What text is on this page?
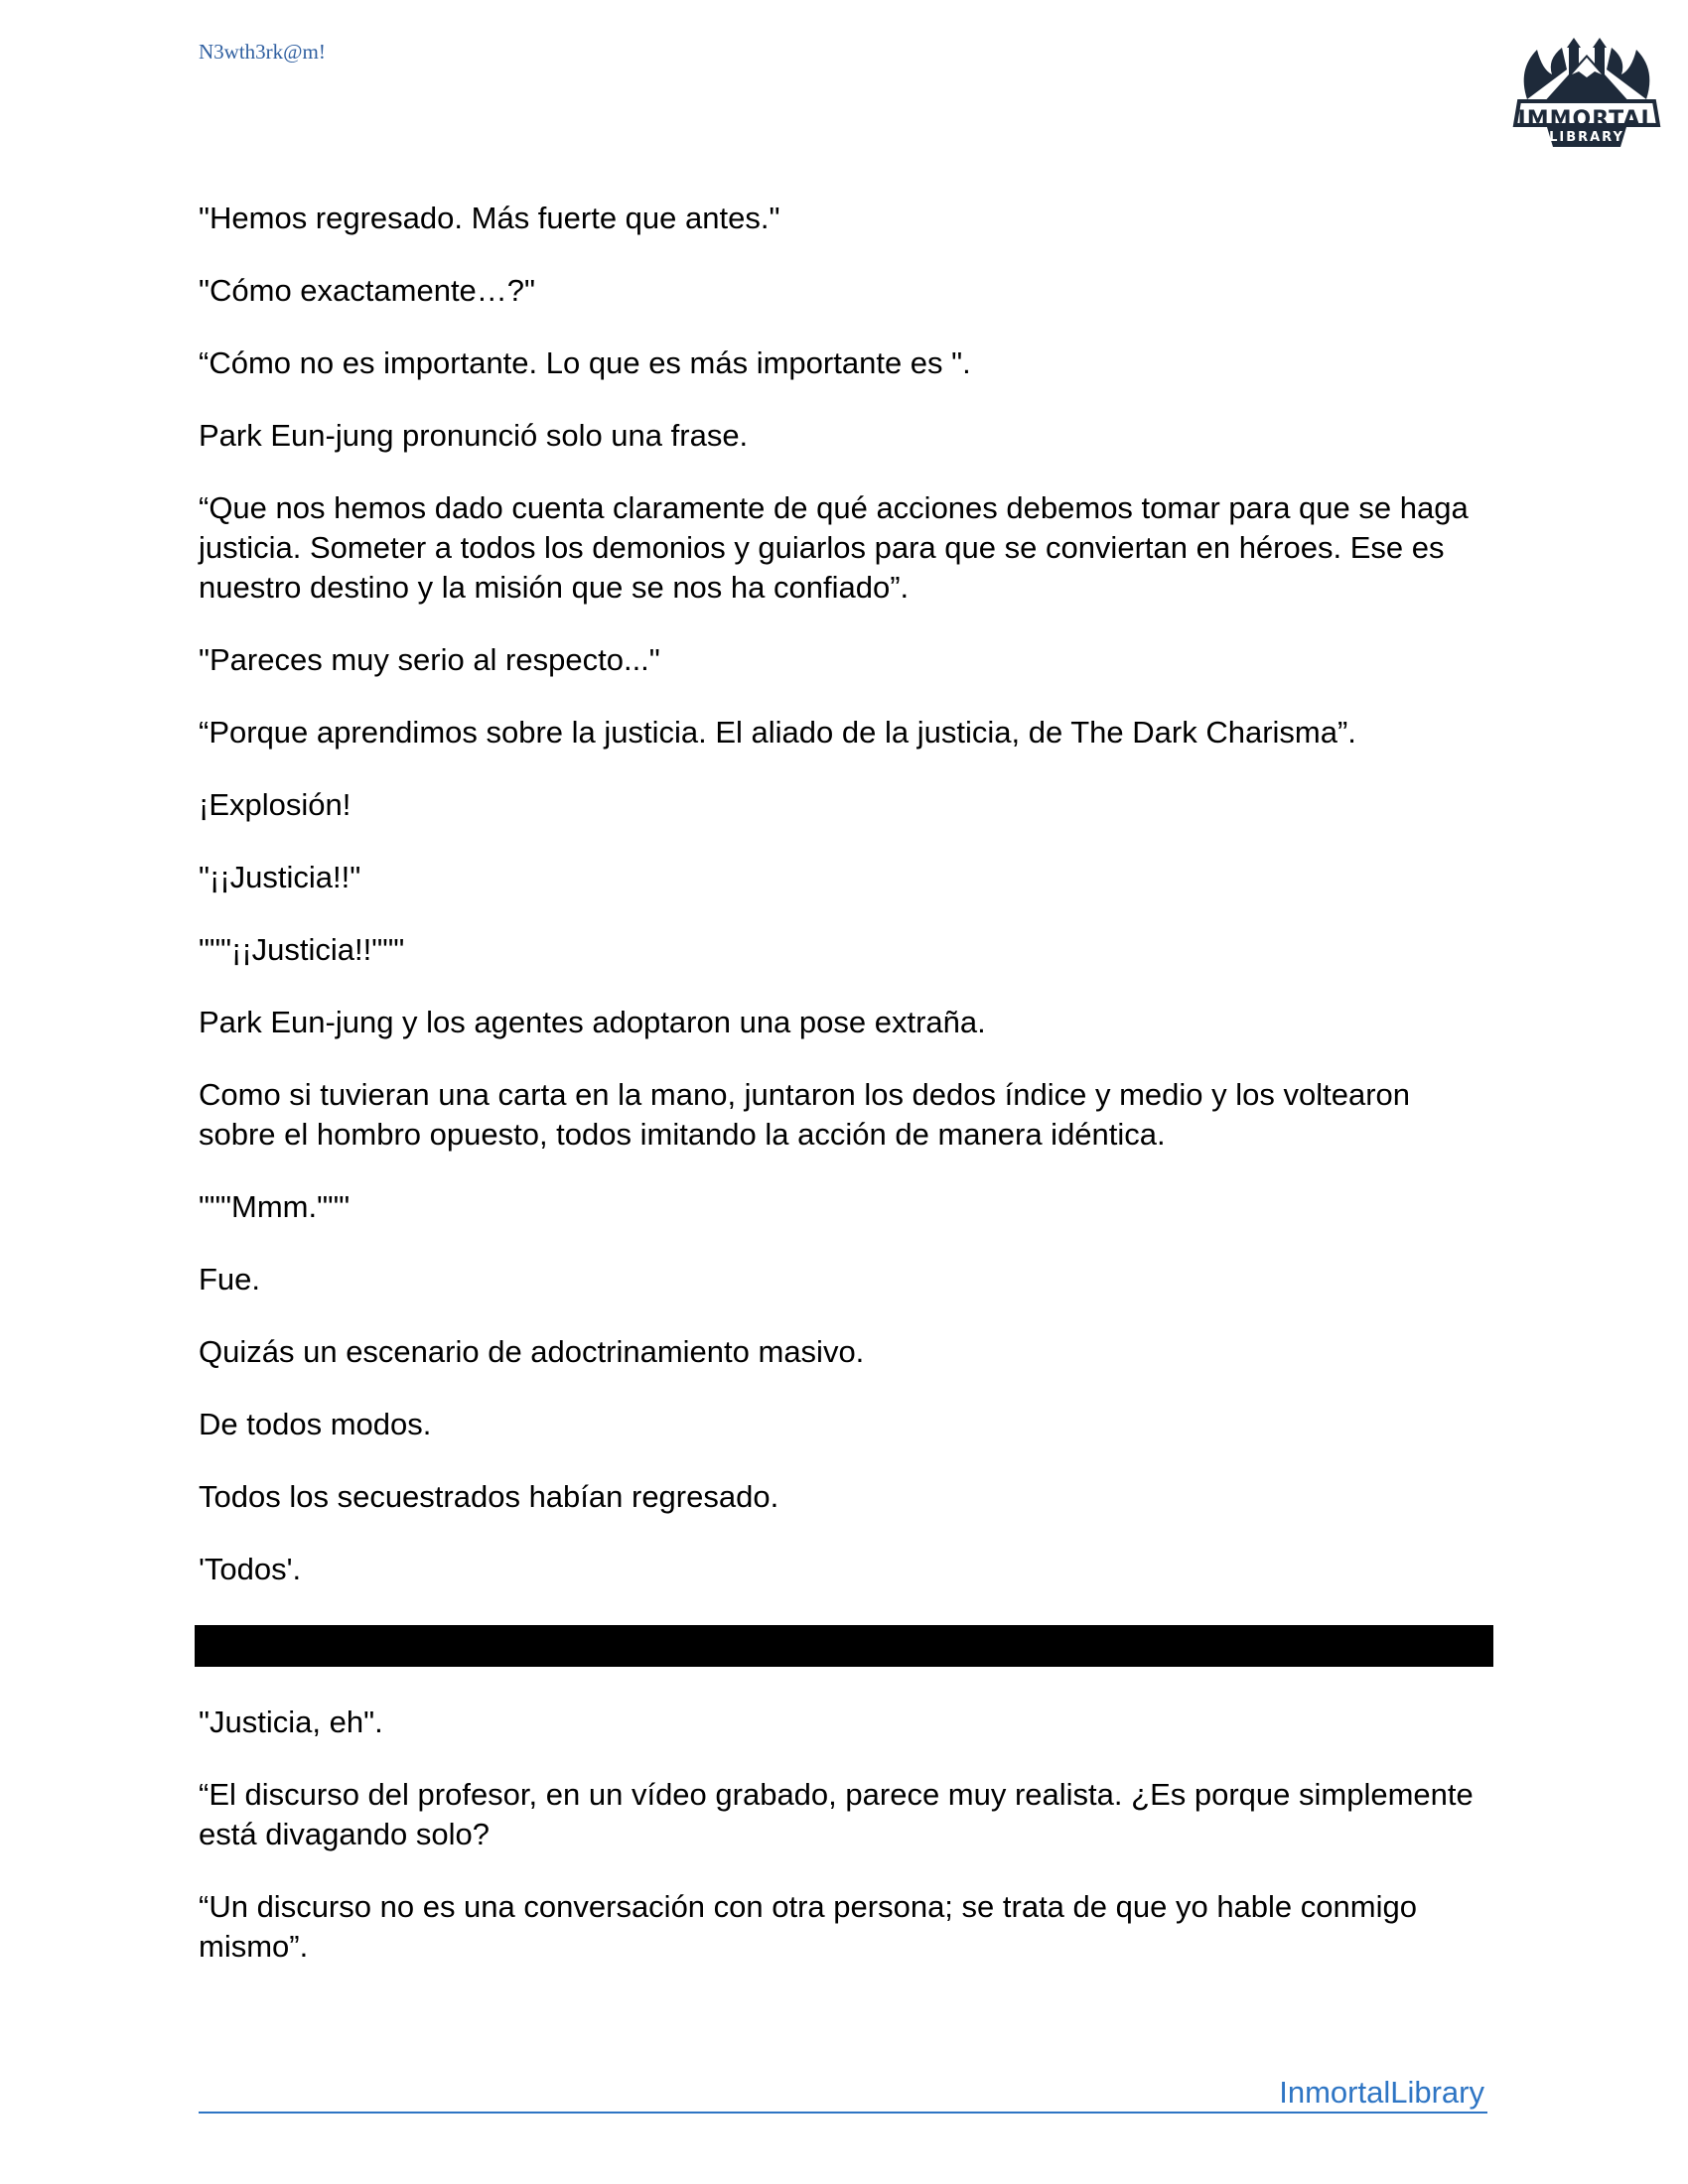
N3wth3rk@m!
IMMORTAL
LIBRARY

"Hemos regresado. Más fuerte que antes."

"Cómo exactamente…?"

“Cómo no es importante. Lo que es más importante es ".

Park Eun-jung pronunció solo una frase.

“Que nos hemos dado cuenta claramente de qué acciones debemos tomar para que se haga justicia. Someter a todos los demonios y guiarlos para que se conviertan en héroes. Ese es nuestro destino y la misión que se nos ha confiado”.

"Pareces muy serio al respecto..."

“Porque aprendimos sobre la justicia. El aliado de la justicia, de The Dark Charisma”.

¡Explosión!

"¡¡Justicia!!"

"""¡¡Justicia!!"""

Park Eun-jung y los agentes adoptaron una pose extraña.

Como si tuvieran una carta en la mano, juntaron los dedos índice y medio y los voltearon sobre el hombro opuesto, todos imitando la acción de manera idéntica.

"""Mmm."""

Fue.

Quizás un escenario de adoctrinamiento masivo.

De todos modos.

Todos los secuestrados habían regresado.

'Todos'.

"Justicia, eh".

“El discurso del profesor, en un vídeo grabado, parece muy realista. ¿Es porque simplemente está divagando solo?

“Un discurso no es una conversación con otra persona; se trata de que yo hable conmigo mismo”.

InmortalLibrary
